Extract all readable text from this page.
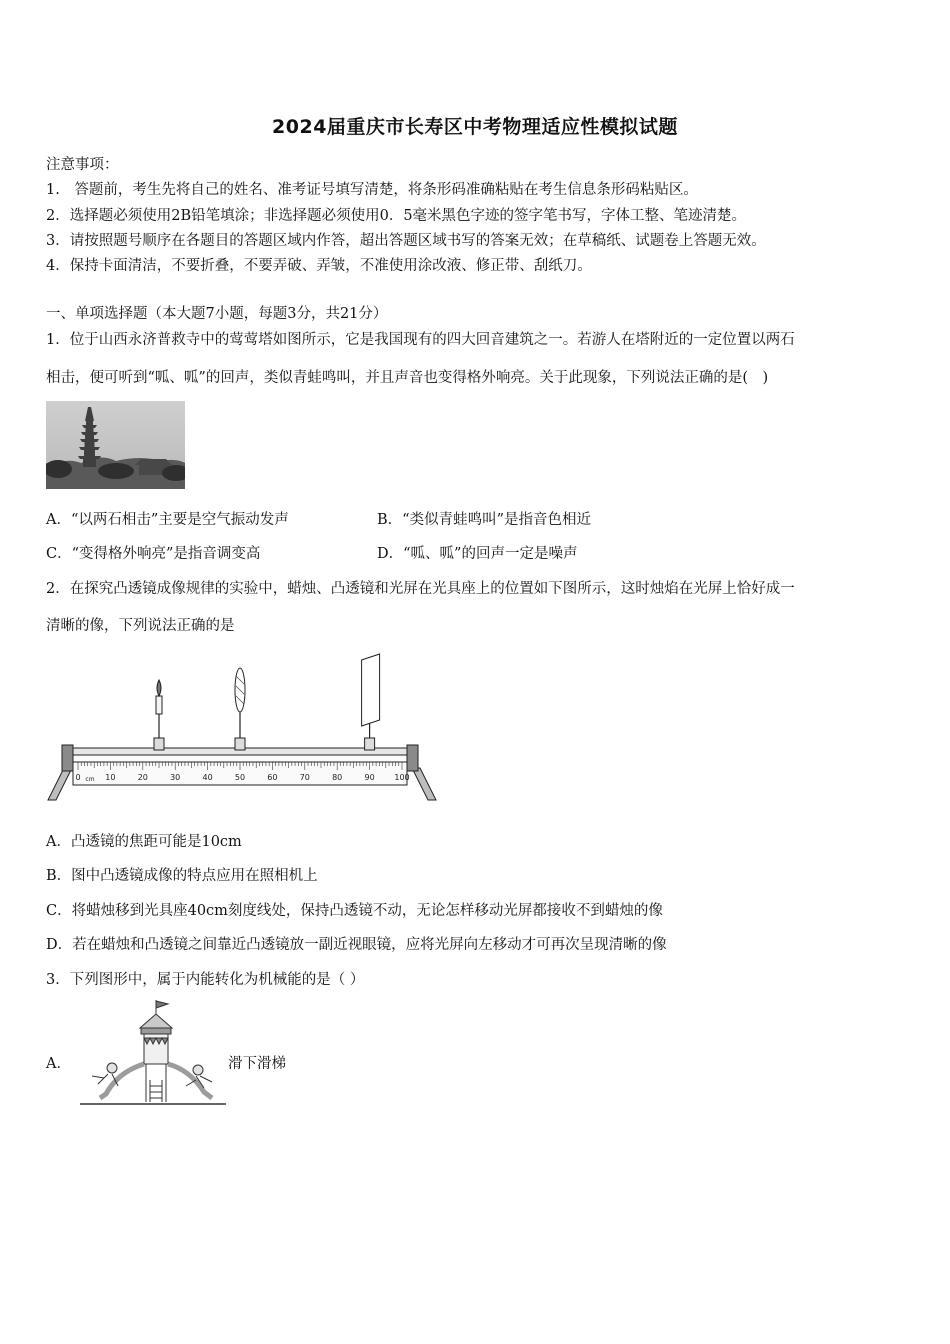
2024届重庆市长寿区中考物理适应性模拟试题
注意事项：
1.　答题前，考生先将自己的姓名、准考证号填写清楚，将条形码准确粘贴在考生信息条形码粘贴区。
2．选择题必须使用2B铅笔填涂；非选择题必须使用0．5毫米黑色字迹的签字笔书写，字体工整、笔迹清楚。
3．请按照题号顺序在各题目的答题区域内作答，超出答题区域书写的答案无效；在草稿纸、试题卷上答题无效。
4．保持卡面清洁，不要折叠，不要弄破、弄皱，不准使用涂改液、修正带、刮纸刀。
一、单项选择题（本大题7小题，每题3分，共21分）
1．位于山西永济普救寺中的莺莺塔如图所示，它是我国现有的四大回音建筑之一。若游人在塔附近的一定位置以两石
相击，便可听到“呱、呱”的回声，类似青蛙鸣叫，并且声音也变得格外响亮。关于此现象，下列说法正确的是(　)
A．“以两石相击”主要是空气振动发声	B．“类似青蛙鸣叫”是指音色相近
C．“变得格外响亮”是指音调变高	D．“呱、呱”的回声一定是噪声
2．在探究凸透镜成像规律的实验中，蜡烛、凸透镜和光屏在光具座上的位置如下图所示，这时烛焰在光屏上恰好成一
清晰的像，下列说法正确的是
0	10	20	30	40	50	60	70	80	90 100
cm
A．凸透镜的焦距可能是10cm
B．图中凸透镜成像的特点应用在照相机上
C．将蜡烛移到光具座40cm刻度线处，保持凸透镜不动，无论怎样移动光屏都接收不到蜡烛的像
D．若在蜡烛和凸透镜之间靠近凸透镜放一副近视眼镜，应将光屏向左移动才可再次呈现清晰的像
3．下列图形中，属于内能转化为机械能的是（ ）
A．	滑下滑梯
